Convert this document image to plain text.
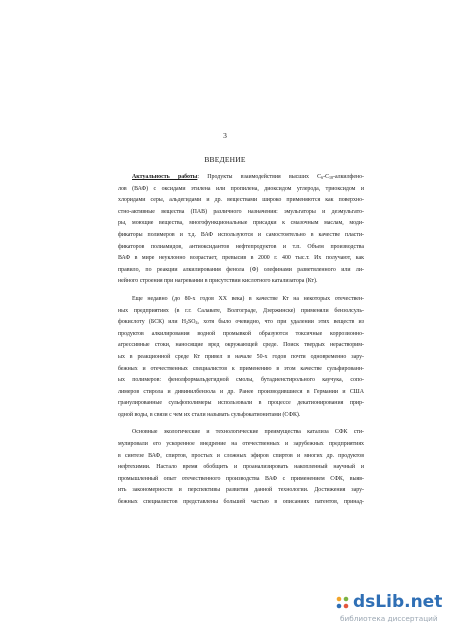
3
ВВЕДЕНИЕ
Актуальность работы: Продукты взаимодействия высших $С_6-С_{18}-алкилфено-$
лов (ВАФ) с оксидами этилена или пропилена, диоксидом углерода, триоксидом и
хлоридами серы, альдегидами и др. веществами широко применяются как поверхно-
стно-активные вещества (ПАВ) различного назначения: эмульгаторы и деэмульгато-
ры, моющие вещества, многофункциональные присадки к смазочным маслам, моди-
фикаторы полимеров и т.д. ВАФ используются и самостоятельно в качестве пласти-
фикаторов полиамидов, антиоксидантов нефтепродуктов и т.п. Объем производства
ВАФ в мире неуклонно возрастает, превысив в 2000 г. 400 тыс.т. Их получают, как
правило, по реакции алкилирования фенола (Ф) олефинами разветвленного или ли-
нейного строения при нагревании в присутствии кислотного катализатора (Кт).
Еще недавно (до 80-х годов XX века) в качестве Кт на некоторых отечествен-
ных предприятиях (в г.г. Салавате, Волгограде, Дзержинске) применяли бензолсуль-
фокислоту (БСК) или $H_2SO_4$, хотя было очевидно, что при удалении этих веществ из
продуктов алкилирования водной промывкой образуются токсичные коррозионно-
агрессивные стоки, наносящие вред окружающей среде. Поиск твердых нерастворим-
ых в реакционной среде Кт привел в начале 50-х годов почти одновременно зару-
бежных и отечественных специалистов к применению в этом качестве сульфированн-
ых полимеров: фенолформальдегидной смолы, бутадиенстирольного каучука, сопо-
лимеров стирола и дивинилбензола и др. Ранее производившиеся в Германии и США
гранулированные сульфополимеры использовали в процессе декатионирования прир-
одной воды, в связи с чем их стали называть сульфокатионитами (СФК).
Основные экологические и технологические преимущества катализа СФК сти-
мулировали его ускоренное внедрение на отечественных и зарубежных предприятиях
в синтезе ВАФ, спиртов, простых и сложных эфиров спиртов и многих др. продуктов
нефтехимии. Настало время обобщить и проанализировать накопленный научный и
промышленный опыт отечественного производства ВАФ с применением СФК, выяв-
ить закономерности и перспективы развития данной технологии. Достижения зару-
бежных специалистов представлены большей частью в описаниях патентов, принад-
dsLib.net
библиотека диссертаций
